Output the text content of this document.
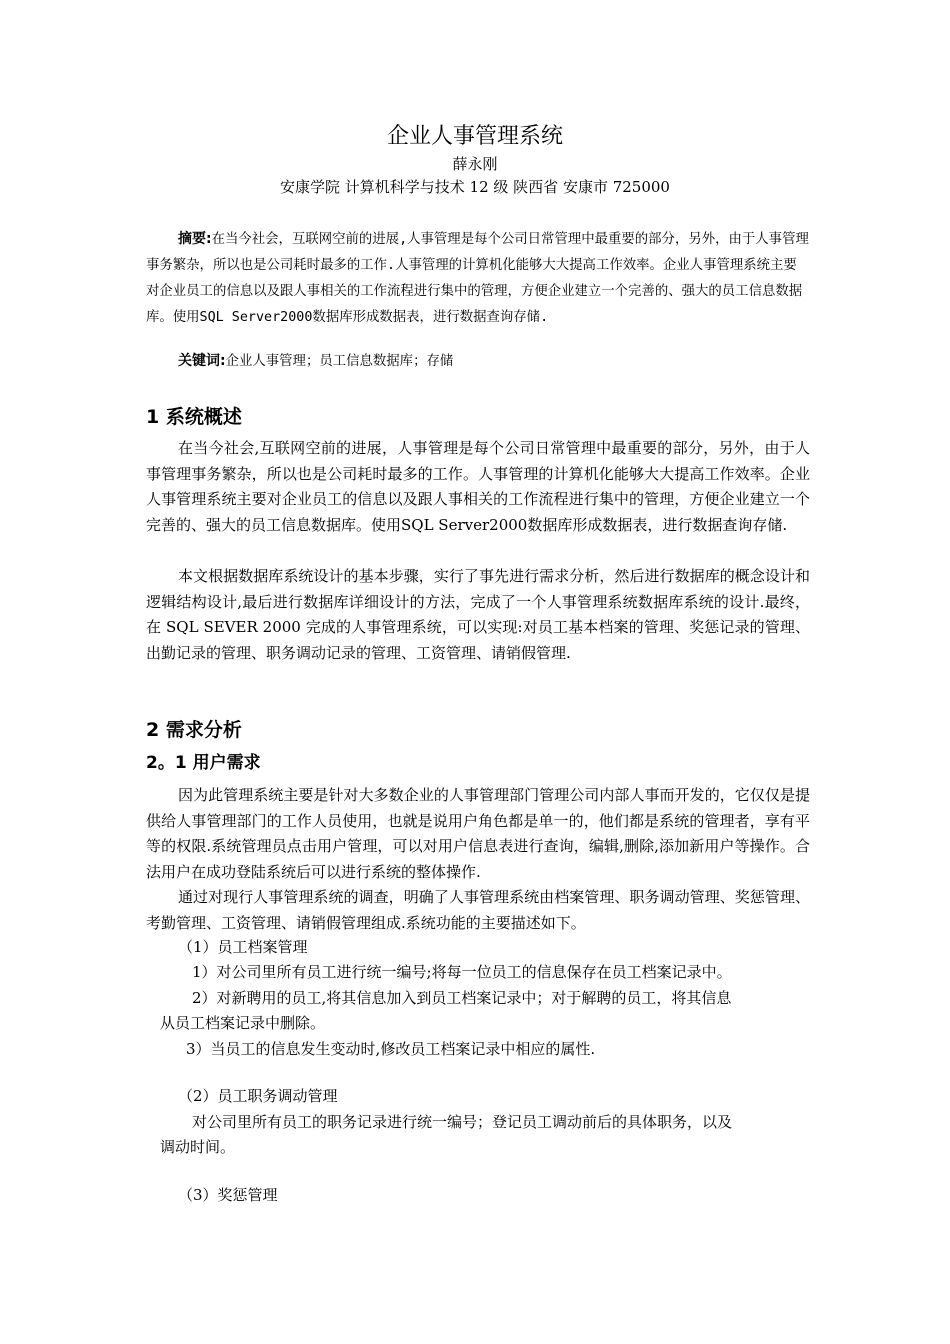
企业人事管理系统
薛永刚
安康学院 计算机科学与技术 12 级 陕西省 安康市 725000
摘要:在当今社会，互联网空前的进展,人事管理是每个公司日常管理中最重要的部分，另外，由于人事管理事务繁杂，所以也是公司耗时最多的工作.人事管理的计算机化能够大大提高工作效率。企业人事管理系统主要对企业员工的信息以及跟人事相关的工作流程进行集中的管理，方便企业建立一个完善的、强大的员工信息数据库。使用SQL Server2000数据库形成数据表，进行数据查询存储.
关键词:企业人事管理；员工信息数据库；存储
1 系统概述
在当今社会,互联网空前的进展，人事管理是每个公司日常管理中最重要的部分，另外，由于人事管理事务繁杂，所以也是公司耗时最多的工作。人事管理的计算机化能够大大提高工作效率。企业人事管理系统主要对企业员工的信息以及跟人事相关的工作流程进行集中的管理，方便企业建立一个完善的、强大的员工信息数据库。使用SQL Server2000数据库形成数据表，进行数据查询存储.
本文根据数据库系统设计的基本步骤，实行了事先进行需求分析，然后进行数据库的概念设计和逻辑结构设计,最后进行数据库详细设计的方法，完成了一个人事管理系统数据库系统的设计.最终，在 SQL SEVER 2000 完成的人事管理系统，可以实现:对员工基本档案的管理、奖惩记录的管理、出勤记录的管理、职务调动记录的管理、工资管理、请销假管理.
2 需求分析
2。1 用户需求
因为此管理系统主要是针对大多数企业的人事管理部门管理公司内部人事而开发的，它仅仅是提供给人事管理部门的工作人员使用，也就是说用户角色都是单一的，他们都是系统的管理者，享有平等的权限.系统管理员点击用户管理，可以对用户信息表进行查询，编辑,删除,添加新用户等操作。合法用户在成功登陆系统后可以进行系统的整体操作.
通过对现行人事管理系统的调查，明确了人事管理系统由档案管理、职务调动管理、奖惩管理、考勤管理、工资管理、请销假管理组成.系统功能的主要描述如下。
（1）员工档案管理
1）对公司里所有员工进行统一编号;将每一位员工的信息保存在员工档案记录中。
2）对新聘用的员工,将其信息加入到员工档案记录中；对于解聘的员工，将其信息
从员工档案记录中删除。
3）当员工的信息发生变动时,修改员工档案记录中相应的属性.
（2）员工职务调动管理
对公司里所有员工的职务记录进行统一编号；登记员工调动前后的具体职务，以及
调动时间。
（3）奖惩管理
